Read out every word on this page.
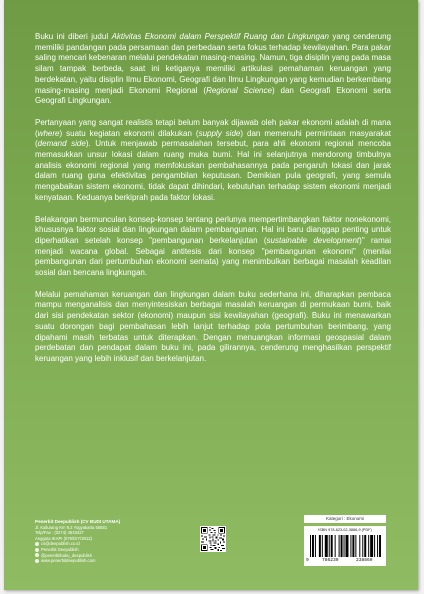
Buku ini diberi judul Aktivitas Ekonomi dalam Perspektif Ruang dan Lingkungan yang cenderung memiliki pandangan pada persamaan dan perbedaan serta fokus terhadap kewilayahan. Para pakar saling mencari kebenaran melalui pendekatan masing-masing. Namun, tiga disiplin yang pada masa silam tampak berbeda, saat ini ketiganya memiliki artikulasi pemahaman keruangan yang berdekatan, yaitu disiplin Ilmu Ekonomi, Geografi dan Ilmu Lingkungan yang kemudian berkembang masing-masing menjadi Ekonomi Regional (Regional Science) dan Geografi Ekonomi serta Geografi Lingkungan.

Pertanyaan yang sangat realistis tetapi belum banyak dijawab oleh pakar ekonomi adalah di mana (where) suatu kegiatan ekonomi dilakukan (supply side) dan memenuhi permintaan masyarakat (demand side). Untuk menjawab permasalahan tersebut, para ahli ekonomi regional mencoba memasukkan unsur lokasi dalam ruang muka bumi. Hal ini selanjutnya mendorong timbulnya analisis ekonomi regional yang memfokuskan pembahasannya pada pengaruh lokasi dan jarak dalam ruang guna efektivitas pengambilan keputusan. Demikian pula geografi, yang semula mengabaikan sistem ekonomi, tidak dapat dihindari, kebutuhan terhadap sistem ekonomi menjadi kenyataan. Keduanya berkiprah pada faktor lokasi.

Belakangan bermunculan konsep-konsep tentang perlunya mempertimbangkan faktor nonekonomi, khususnya faktor sosial dan lingkungan dalam pembangunan. Hal ini baru dianggap penting untuk diperhatikan setelah konsep "pembangunan berkelanjutan (sustainable development)" ramai menjadi wacana global. Sebagai antitesis dari konsep "pembangunan ekonomi" (menilai pembangunan dari pertumbuhan ekonomi semata) yang menimbulkan berbagai masalah keadilan sosial dan bencana lingkungan.

Melalui pemahaman keruangan dan lingkungan dalam buku sederhana ini, diharapkan pembaca mampu menganalisis dan menyintesiskan berbagai masalah keruangan di permukaan bumi, baik dari sisi pendekatan sektor (ekonomi) maupun sisi kewilayahan (geografi). Buku ini menawarkan suatu dorongan bagi pembahasan lebih lanjut terhadap pola pertumbuhan berimbang, yang dipahami masih terbatas untuk diterapkan. Dengan menuangkan informasi geospasial dalam perdebatan dan pendapat dalam buku ini, pada gilirannya, cenderung menghasilkan perspektif keruangan yang lebih inklusif dan berkelanjutan.

Penerbit Deepublish (CV BUDI UTAMA)
Jl. Kaliurang Km 9,3 Yogyakarta 55581
Telp/Fax : (0274) 4533427
Anggota IKAPI (076/DIY/2012)
cs@deepublish.co.id
Penerbit Deepublish
@penerbitbuku_deepublish
www.penerbitdeepublish.com
Kategori : Ekonomi
ISBN 978-623-02-3886-9 (PDF)
9	786230	238869
